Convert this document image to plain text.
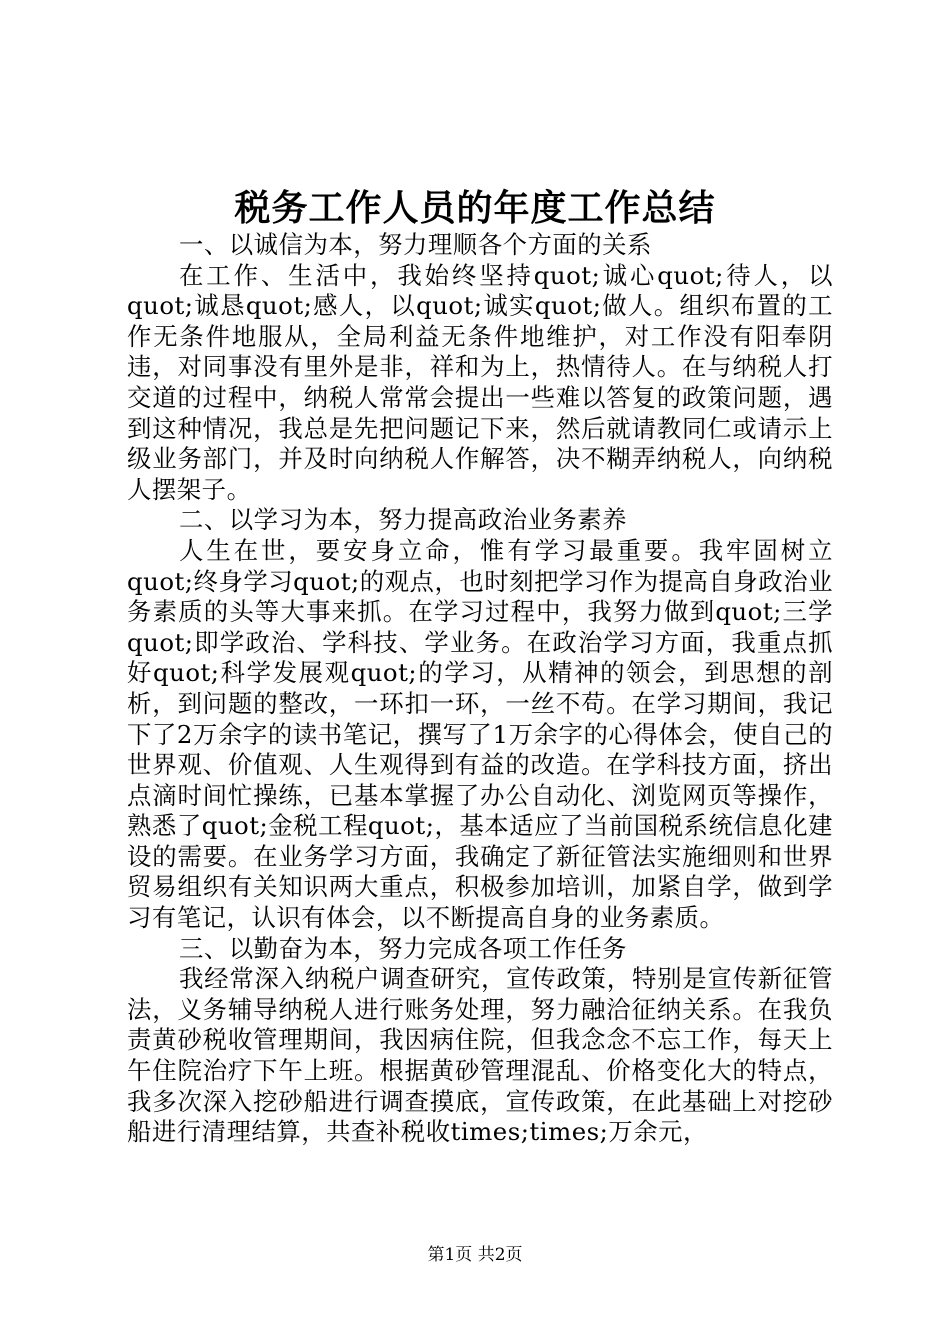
税务工作人员的年度工作总结

一、以诚信为本，努力理顺各个方面的关系

在工作、生活中，我始终坚持quot;诚心quot;待人，以quot;诚恳quot;感人，以quot;诚实quot;做人。组织布置的工作无条件地服从，全局利益无条件地维护，对工作没有阳奉阴违，对同事没有里外是非，祥和为上，热情待人。在与纳税人打交道的过程中，纳税人常常会提出一些难以答复的政策问题，遇到这种情况，我总是先把问题记下来，然后就请教同仁或请示上级业务部门，并及时向纳税人作解答，决不糊弄纳税人，向纳税人摆架子。

二、以学习为本，努力提高政治业务素养

人生在世，要安身立命，惟有学习最重要。我牢固树立quot;终身学习quot;的观点，也时刻把学习作为提高自身政治业务素质的头等大事来抓。在学习过程中，我努力做到quot;三学quot;即学政治、学科技、学业务。在政治学习方面，我重点抓好quot;科学发展观quot;的学习，从精神的领会，到思想的剖析，到问题的整改，一环扣一环，一丝不苟。在学习期间，我记下了2万余字的读书笔记，撰写了1万余字的心得体会，使自己的世界观、价值观、人生观得到有益的改造。在学科技方面，挤出点滴时间忙操练，已基本掌握了办公自动化、浏览网页等操作，熟悉了quot;金税工程quot;，基本适应了当前国税系统信息化建设的需要。在业务学习方面，我确定了新征管法实施细则和世界贸易组织有关知识两大重点，积极参加培训，加紧自学，做到学习有笔记，认识有体会，以不断提高自身的业务素质。

三、以勤奋为本，努力完成各项工作任务

我经常深入纳税户调查研究，宣传政策，特别是宣传新征管法，义务辅导纳税人进行账务处理，努力融洽征纳关系。在我负责黄砂税收管理期间，我因病住院，但我念念不忘工作，每天上午住院治疗下午上班。根据黄砂管理混乱、价格变化大的特点，我多次深入挖砂船进行调查摸底，宣传政策，在此基础上对挖砂船进行清理结算，共查补税收times;times;万余元，

第1页 共2页
